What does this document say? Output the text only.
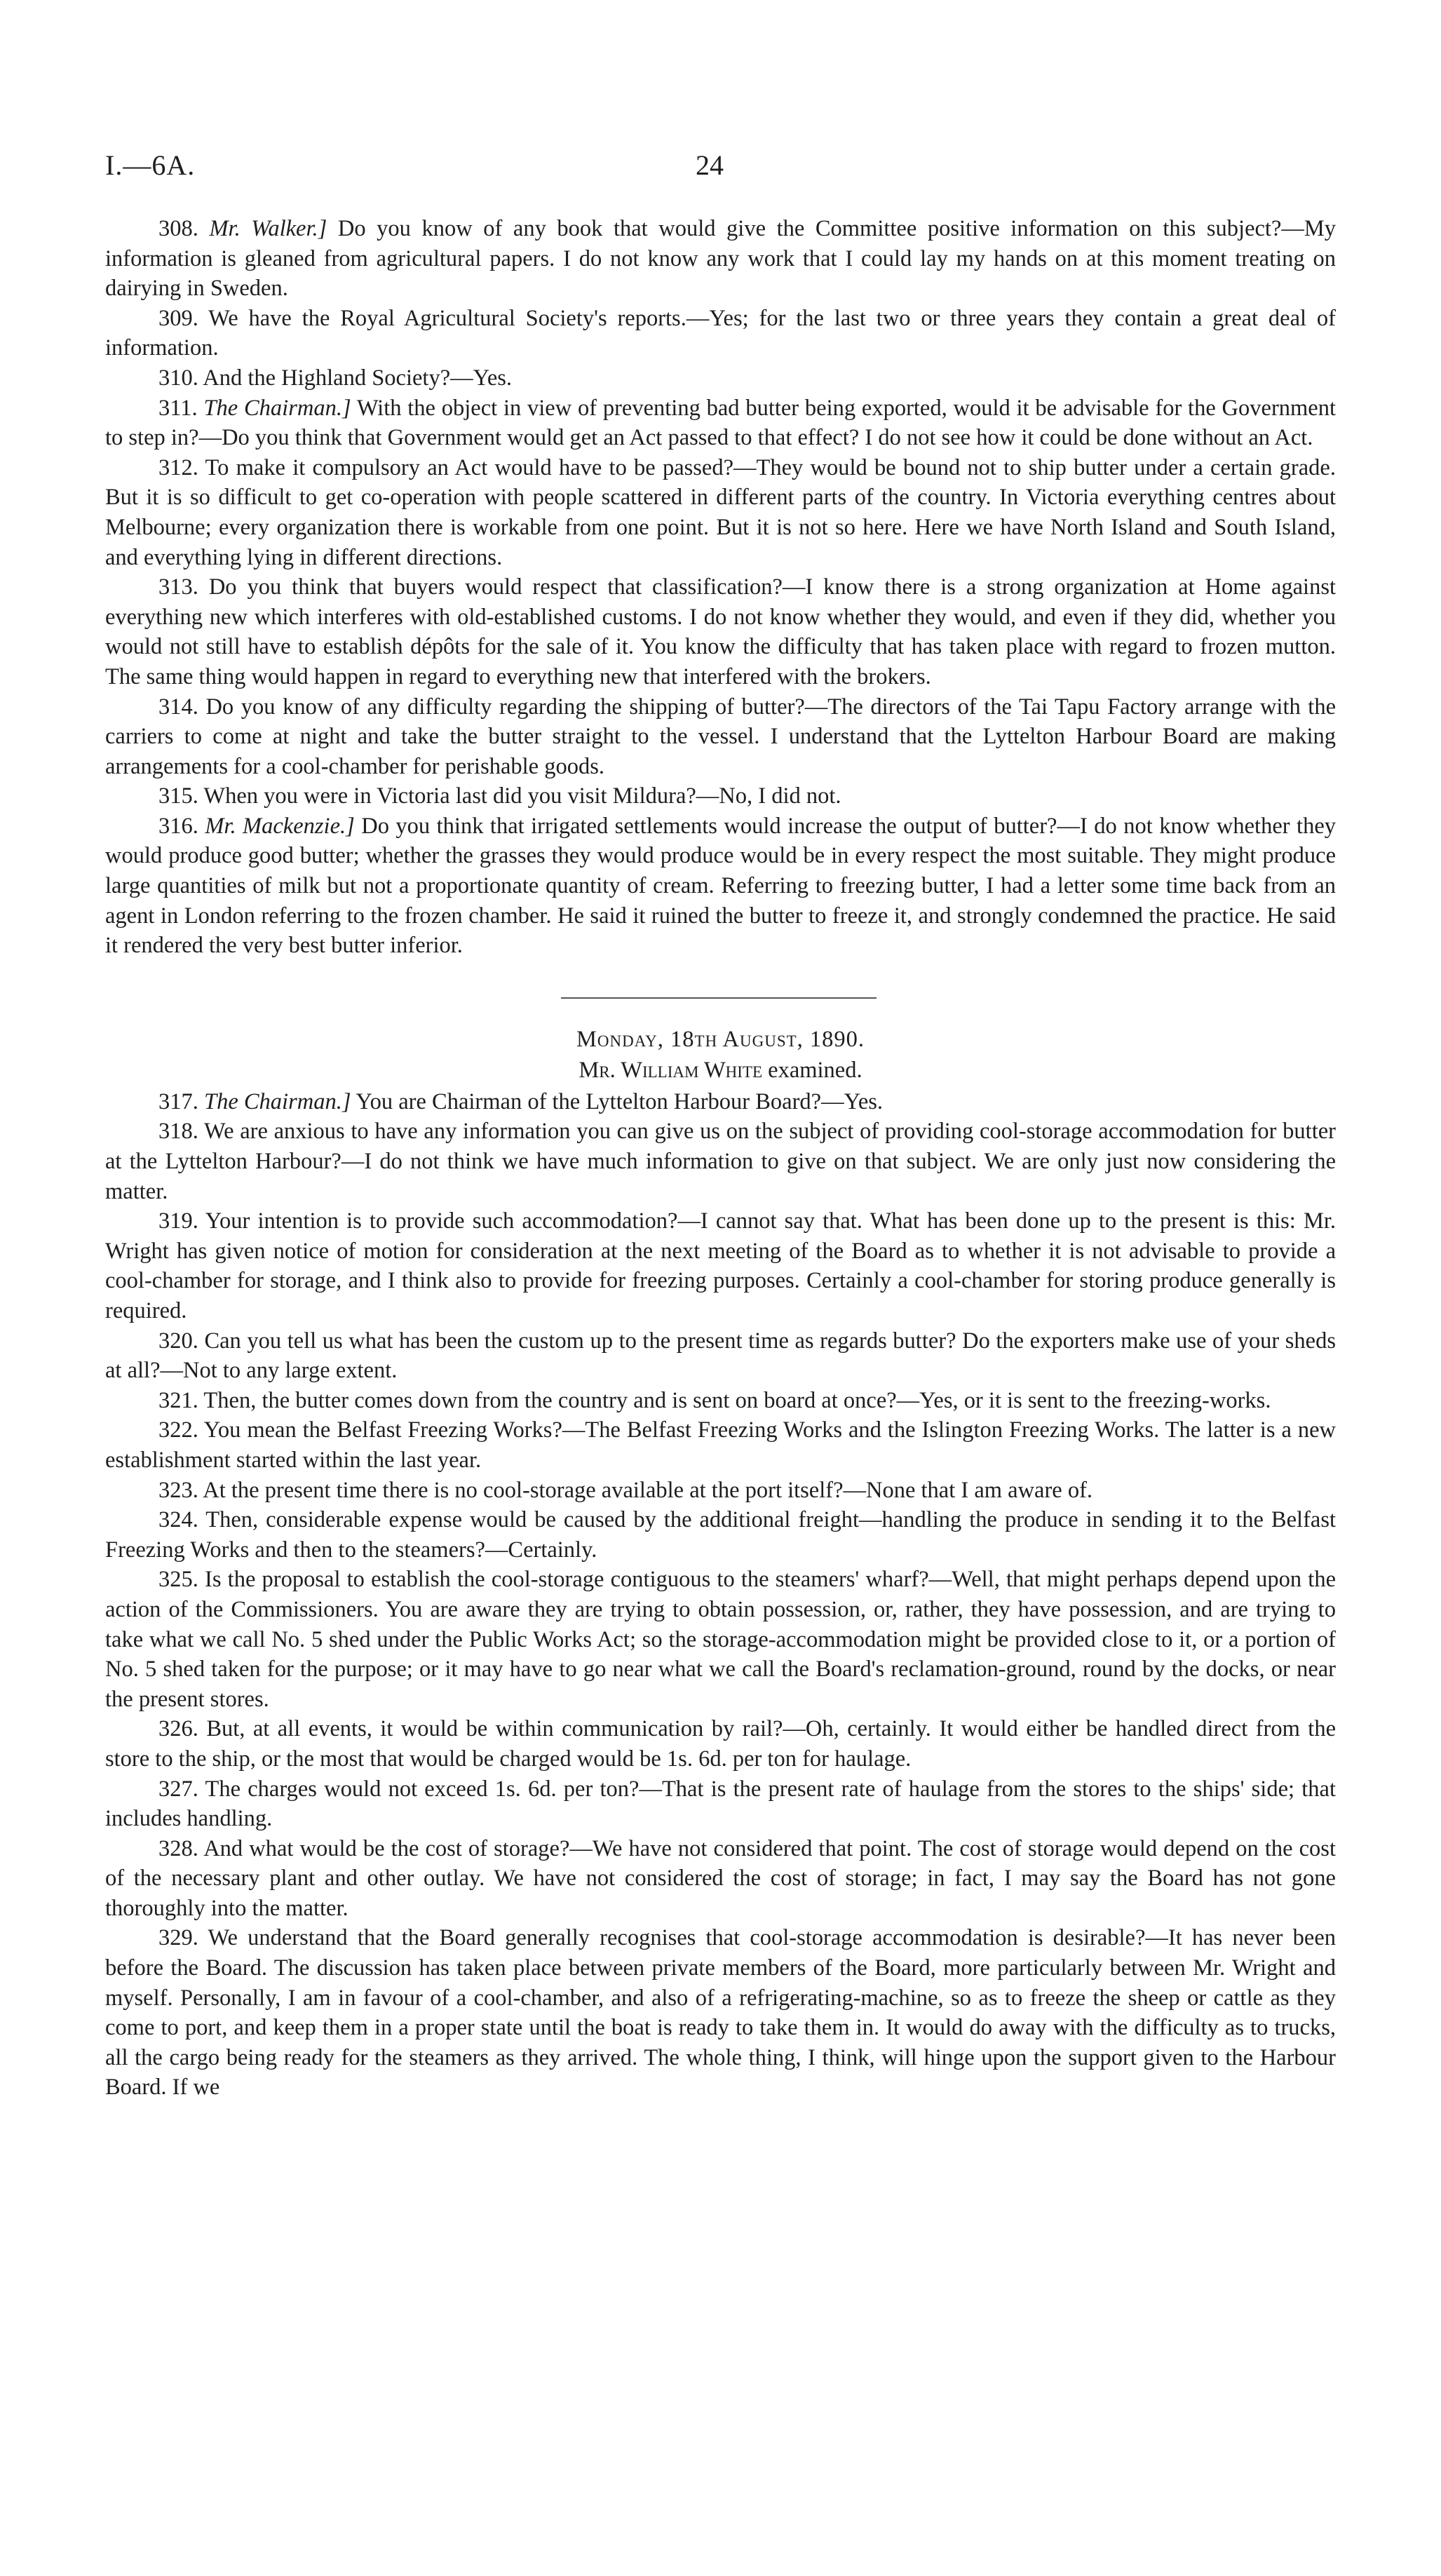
I.—6A.	24

308. Mr. Walker.] Do you know of any book that would give the Committee positive information on this subject?—My information is gleaned from agricultural papers. I do not know any work that I could lay my hands on at this moment treating on dairying in Sweden.

309. We have the Royal Agricultural Society's reports.—Yes; for the last two or three years they contain a great deal of information.

310. And the Highland Society?—Yes.

311. The Chairman.] With the object in view of preventing bad butter being exported, would it be advisable for the Government to step in?—Do you think that Government would get an Act passed to that effect? I do not see how it could be done without an Act.

312. To make it compulsory an Act would have to be passed?—They would be bound not to ship butter under a certain grade. But it is so difficult to get co-operation with people scattered in different parts of the country. In Victoria everything centres about Melbourne; every organization there is workable from one point. But it is not so here. Here we have North Island and South Island, and everything lying in different directions.

313. Do you think that buyers would respect that classification?—I know there is a strong organization at Home against everything new which interferes with old-established customs. I do not know whether they would, and even if they did, whether you would not still have to establish dépôts for the sale of it. You know the difficulty that has taken place with regard to frozen mutton. The same thing would happen in regard to everything new that interfered with the brokers.

314. Do you know of any difficulty regarding the shipping of butter?—The directors of the Tai Tapu Factory arrange with the carriers to come at night and take the butter straight to the vessel. I understand that the Lyttelton Harbour Board are making arrangements for a cool-chamber for perishable goods.

315. When you were in Victoria last did you visit Mildura?—No, I did not.

316. Mr. Mackenzie.] Do you think that irrigated settlements would increase the output of butter?—I do not know whether they would produce good butter; whether the grasses they would produce would be in every respect the most suitable. They might produce large quantities of milk but not a proportionate quantity of cream. Referring to freezing butter, I had a letter some time back from an agent in London referring to the frozen chamber. He said it ruined the butter to freeze it, and strongly condemned the practice. He said it rendered the very best butter inferior.

Monday, 18th August, 1890.

Mr. William White examined.

317. The Chairman.] You are Chairman of the Lyttelton Harbour Board?—Yes.

318. We are anxious to have any information you can give us on the subject of providing cool-storage accommodation for butter at the Lyttelton Harbour?—I do not think we have much information to give on that subject. We are only just now considering the matter.

319. Your intention is to provide such accommodation?—I cannot say that. What has been done up to the present is this: Mr. Wright has given notice of motion for consideration at the next meeting of the Board as to whether it is not advisable to provide a cool-chamber for storage, and I think also to provide for freezing purposes. Certainly a cool-chamber for storing produce generally is required.

320. Can you tell us what has been the custom up to the present time as regards butter? Do the exporters make use of your sheds at all?—Not to any large extent.

321. Then, the butter comes down from the country and is sent on board at once?—Yes, or it is sent to the freezing-works.

322. You mean the Belfast Freezing Works?—The Belfast Freezing Works and the Islington Freezing Works. The latter is a new establishment started within the last year.

323. At the present time there is no cool-storage available at the port itself?—None that I am aware of.

324. Then, considerable expense would be caused by the additional freight—handling the produce in sending it to the Belfast Freezing Works and then to the steamers?—Certainly.

325. Is the proposal to establish the cool-storage contiguous to the steamers' wharf?—Well, that might perhaps depend upon the action of the Commissioners. You are aware they are trying to obtain possession, or, rather, they have possession, and are trying to take what we call No. 5 shed under the Public Works Act; so the storage-accommodation might be provided close to it, or a portion of No. 5 shed taken for the purpose; or it may have to go near what we call the Board's reclamation-ground, round by the docks, or near the present stores.

326. But, at all events, it would be within communication by rail?—Oh, certainly. It would either be handled direct from the store to the ship, or the most that would be charged would be 1s. 6d. per ton for haulage.

327. The charges would not exceed 1s. 6d. per ton?—That is the present rate of haulage from the stores to the ships' side; that includes handling.

328. And what would be the cost of storage?—We have not considered that point. The cost of storage would depend on the cost of the necessary plant and other outlay. We have not considered the cost of storage; in fact, I may say the Board has not gone thoroughly into the matter.

329. We understand that the Board generally recognises that cool-storage accommodation is desirable?—It has never been before the Board. The discussion has taken place between private members of the Board, more particularly between Mr. Wright and myself. Personally, I am in favour of a cool-chamber, and also of a refrigerating-machine, so as to freeze the sheep or cattle as they come to port, and keep them in a proper state until the boat is ready to take them in. It would do away with the difficulty as to trucks, all the cargo being ready for the steamers as they arrived. The whole thing, I think, will hinge upon the support given to the Harbour Board. If we
